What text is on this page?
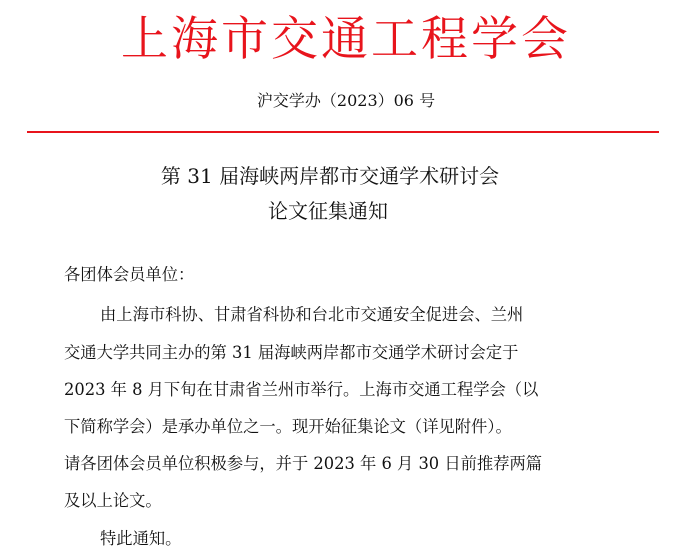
上海市交通工程学会
沪交学办（2023）06 号
第 31 届海峡两岸都市交通学术研讨会
论文征集通知
各团体会员单位：
由上海市科协、甘肃省科协和台北市交通安全促进会、兰州
交通大学共同主办的第 31 届海峡两岸都市交通学术研讨会定于
2023 年 8 月下旬在甘肃省兰州市举行。上海市交通工程学会（以
下简称学会）是承办单位之一。现开始征集论文（详见附件）。
请各团体会员单位积极参与，并于 2023 年 6 月 30 日前推荐两篇
及以上论文。
特此通知。
